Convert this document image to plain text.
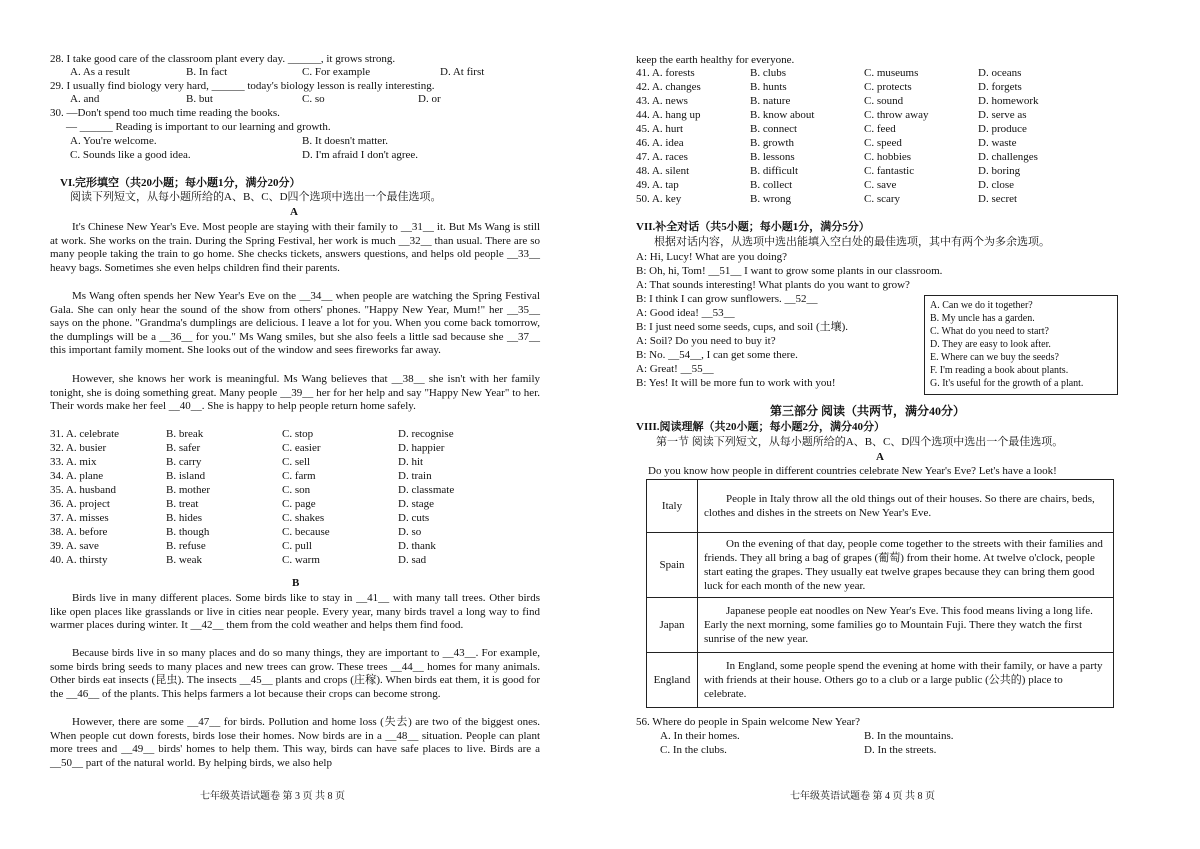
28. I take good care of the classroom plant every day. ______, it grows strong.
A. As a result	B. In fact	C. For example	D. At first
29. I usually find biology very hard, ______ today's biology lesson is really interesting.
A. and	B. but	C. so	D. or
30. —Don't spend too much time reading the books.
— ______ Reading is important to our learning and growth.
A. You're welcome.	B. It doesn't matter.
C. Sounds like a good idea.	D. I'm afraid I don't agree.
VI.完形填空（共20小题；每小题1分，满分20分）
阅读下列短文，从每小题所给的A、B、C、D四个选项中选出一个最佳选项。
A
It's Chinese New Year's Eve. Most people are staying with their family to __31__ it. But Ms Wang is still at work. She works on the train. During the Spring Festival, her work is much __32__ than usual. There are so many people taking the train to go home. She checks tickets, answers questions, and helps old people __33__ heavy bags. Sometimes she even helps children find their parents.
Ms Wang often spends her New Year's Eve on the __34__ when people are watching the Spring Festival Gala. She can only hear the sound of the show from others' phones. "Happy New Year, Mum!" her __35__ says on the phone. "Grandma's dumplings are delicious. I leave a lot for you. When you come back tomorrow, the dumplings will be a __36__ for you." Ms Wang smiles, but she also feels a little sad because she __37__ this important family moment. She looks out of the window and sees fireworks far away.
However, she knows her work is meaningful. Ms Wang believes that __38__ she isn't with her family tonight, she is doing something great. Many people __39__ her for her help and say "Happy New Year" to her. Their words make her feel __40__. She is happy to help people return home safely.
31. A. celebrate	B. break	C. stop	D. recognise
32. A. busier	B. safer	C. easier	D. happier
33. A. mix	B. carry	C. sell	D. hit
34. A. plane	B. island	C. farm	D. train
35. A. husband	B. mother	C. son	D. classmate
36. A. project	B. treat	C. page	D. stage
37. A. misses	B. hides	C. shakes	D. cuts
38. A. before	B. though	C. because	D. so
39. A. save	B. refuse	C. pull	D. thank
40. A. thirsty	B. weak	C. warm	D. sad
B
Birds live in many different places. Some birds like to stay in __41__ with many tall trees. Other birds like open places like grasslands or live in cities near people. Every year, many birds travel a long way to find warmer places during winter. It __42__ them from the cold weather and helps them find food.
Because birds live in so many places and do so many things, they are important to __43__. For example, some birds bring seeds to many places and new trees can grow. These trees __44__ homes for many animals. Other birds eat insects (昆虫). The insects __45__ plants and crops (庄稼). When birds eat them, it is good for the __46__ of the plants. This helps farmers a lot because their crops can become strong.
However, there are some __47__ for birds. Pollution and home loss (失去) are two of the biggest ones. When people cut down forests, birds lose their homes. Now birds are in a __48__ situation. People can plant more trees and __49__ birds' homes to help them. This way, birds can have safe places to live. Birds are a __50__ part of the natural world. By helping birds, we also help
七年级英语试题卷 第 3 页 共 8 页
keep the earth healthy for everyone.
41. A. forests	B. clubs	C. museums	D. oceans
42. A. changes	B. hunts	C. protects	D. forgets
43. A. news	B. nature	C. sound	D. homework
44. A. hang up	B. know about	C. throw away	D. serve as
45. A. hurt	B. connect	C. feed	D. produce
46. A. idea	B. growth	C. speed	D. waste
47. A. races	B. lessons	C. hobbies	D. challenges
48. A. silent	B. difficult	C. fantastic	D. boring
49. A. tap	B. collect	C. save	D. close
50. A. key	B. wrong	C. scary	D. secret
VII.补全对话（共5小题；每小题1分，满分5分）
根据对话内容，从选项中选出能填入空白处的最佳选项，其中有两个为多余选项。
A: Hi, Lucy! What are you doing?
B: Oh, hi, Tom! __51__ I want to grow some plants in our classroom.
A: That sounds interesting! What plants do you want to grow?
B: I think I can grow sunflowers. __52__
A: Good idea! __53__
B: I just need some seeds, cups, and soil (土壤).
A: Soil? Do you need to buy it?
B: No. __54__, I can get some there.
A: Great! __55__
B: Yes! It will be more fun to work with you!
A. Can we do it together?
B. My uncle has a garden.
C. What do you need to start?
D. They are easy to look after.
E. Where can we buy the seeds?
F. I'm reading a book about plants.
G. It's useful for the growth of a plant.
第三部分 阅读（共两节，满分40分）
VIII.阅读理解（共20小题；每小题2分，满分40分）
第一节 阅读下列短文，从每小题所给的A、B、C、D四个选项中选出一个最佳选项。
A
Do you know how people in different countries celebrate New Year's Eve? Let's have a look!
Italy	People in Italy throw all the old things out of their houses. So there are chairs, beds, clothes and dishes in the streets on New Year's Eve.
Spain	On the evening of that day, people come together to the streets with their families and friends. They all bring a bag of grapes (葡萄) from their home. At twelve o'clock, people start eating the grapes. They usually eat twelve grapes because they can bring them good luck for each month of the new year.
Japan	Japanese people eat noodles on New Year's Eve. This food means living a long life. Early the next morning, some families go to Mountain Fuji. There they watch the first sunrise of the new year.
England	In England, some people spend the evening at home with their family, or have a party with friends at their house. Others go to a club or a large public (公共的) place to celebrate.
56. Where do people in Spain welcome New Year?
A. In their homes.	B. In the mountains.
C. In the clubs.	D. In the streets.
七年级英语试题卷 第 4 页 共 8 页
